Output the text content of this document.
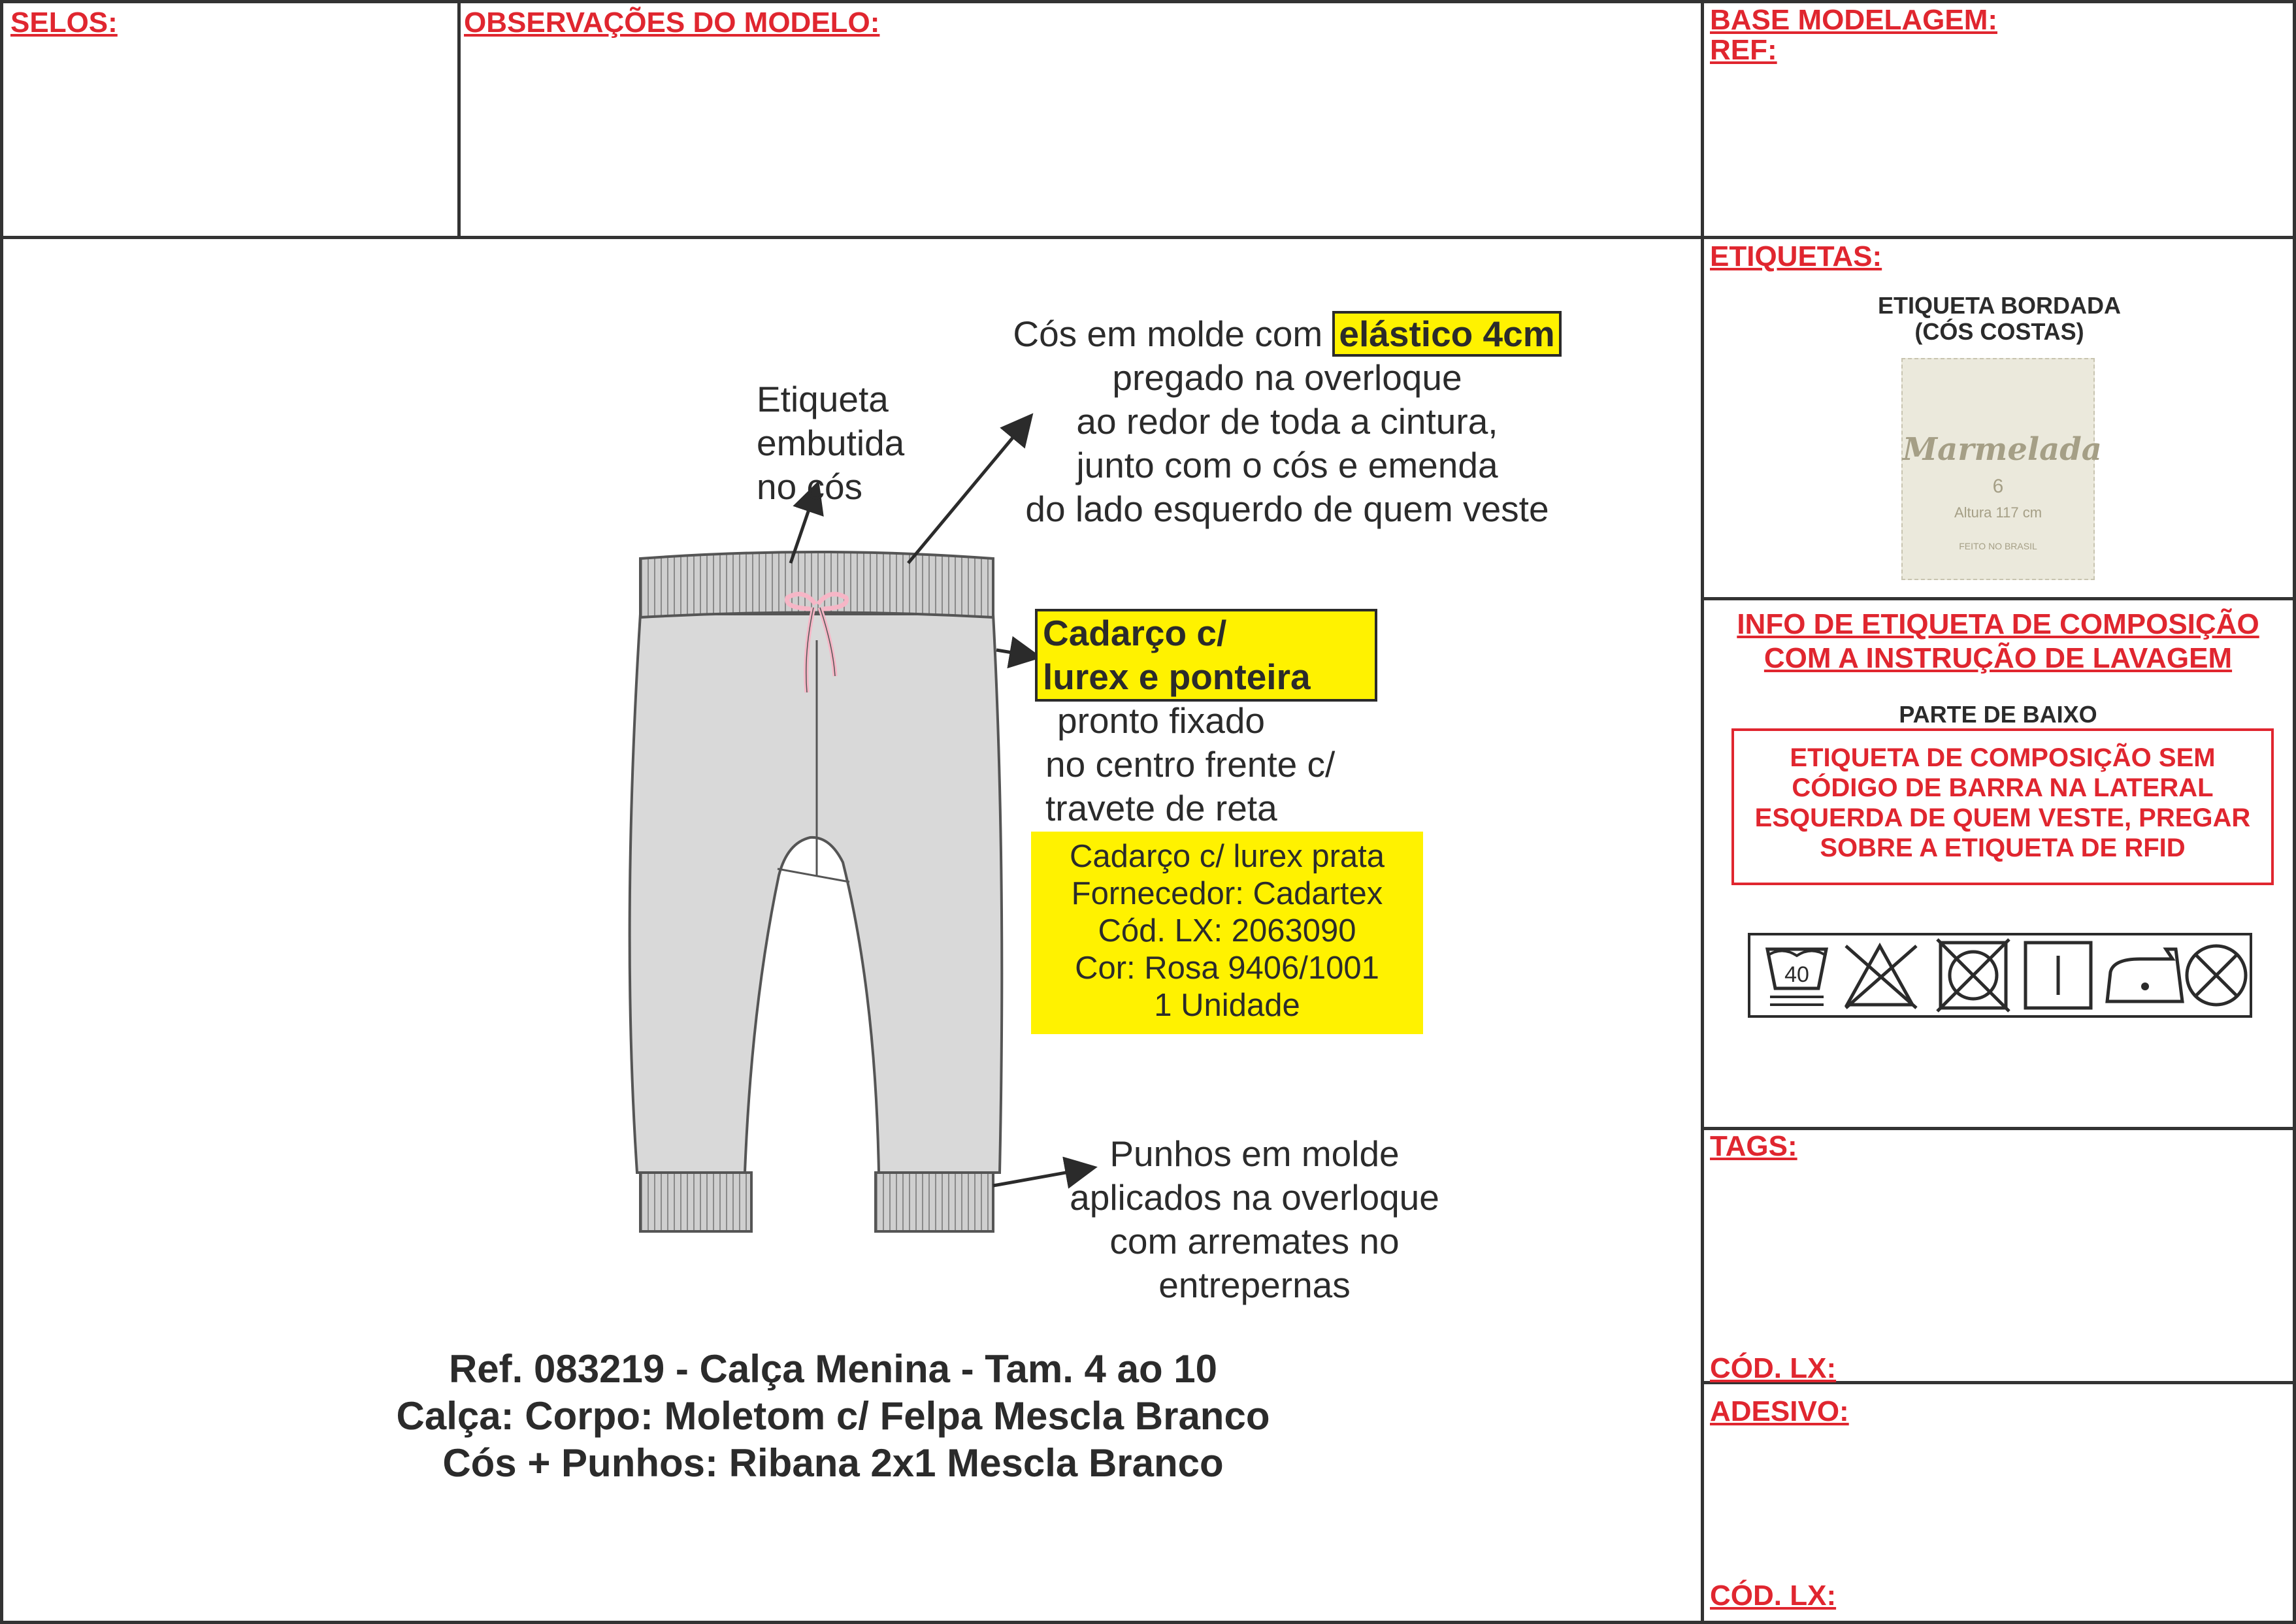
SELOS:	OBSERVAÇÕES DO MODELO:	BASE MODELAGEM:
REF:
Etiqueta
embutida
no cós
Cós em molde com elástico 4cm
pregado na overloque
ao redor de toda a cintura,
junto com o cós e emenda
do lado esquerdo de quem veste
Cadarço c/
lurex e ponteira
pronto fixado
no centro frente c/
travete de reta
Cadarço c/ lurex prata
Fornecedor: Cadartex
Cód. LX: 2063090
Cor: Rosa 9406/1001
1 Unidade
Punhos em molde
aplicados na overloque
com arremates no
entrepernas
Ref. 083219 - Calça Menina - Tam. 4 ao 10
Calça: Corpo: Moletom c/ Felpa Mescla Branco
Cós + Punhos: Ribana 2x1 Mescla Branco
ETIQUETAS:
ETIQUETA BORDADA
(CÓS COSTAS)
Marmelada
6
Altura 117 cm
FEITO NO BRASIL
INFO DE ETIQUETA DE COMPOSIÇÃO
COM A INSTRUÇÃO DE LAVAGEM
PARTE DE BAIXO
ETIQUETA DE COMPOSIÇÃO SEM
CÓDIGO DE BARRA NA LATERAL
ESQUERDA DE QUEM VESTE, PREGAR
SOBRE A ETIQUETA DE RFID
40
TAGS:
CÓD. LX:
ADESIVO:
CÓD. LX:
